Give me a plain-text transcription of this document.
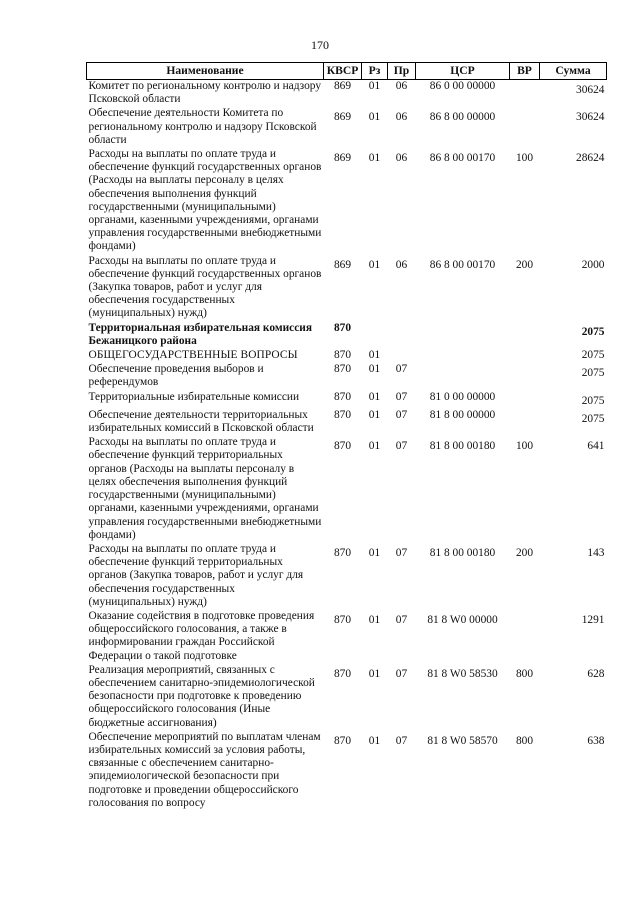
170
Наименование	КВСР	Рз	Пр	ЦСР	ВР	Сумма
Комитет по региональному контролю и надзору Псковской области	869	01	06	86 0 00 00000		30624
Обеспечение деятельности Комитета по региональному контролю и надзору Псковской области	869	01	06	86 8 00 00000		30624
Расходы на выплаты по оплате труда и обеспечение функций государственных органов (Расходы на выплаты персоналу в целях обеспечения выполнения функций государственными (муниципальными) органами, казенными учреждениями, органами управления государственными внебюджетными фондами)	869	01	06	86 8 00 00170	100	28624
Расходы на выплаты по оплате труда и обеспечение функций государственных органов (Закупка товаров, работ и услуг для обеспечения государственных (муниципальных) нужд)	869	01	06	86 8 00 00170	200	2000
Территориальная избирательная комиссия Бежаницкого района	870					2075
ОБЩЕГОСУДАРСТВЕННЫЕ ВОПРОСЫ	870	01				2075
Обеспечение проведения выборов и референдумов	870	01	07			2075
Территориальные избирательные комиссии	870	01	07	81 0 00 00000		2075
Обеспечение деятельности территориальных избирательных комиссий в Псковской области	870	01	07	81 8 00 00000		2075
Расходы на выплаты по оплате труда и обеспечение функций территориальных органов (Расходы на выплаты персоналу в целях обеспечения выполнения функций государственными (муниципальными) органами, казенными учреждениями, органами управления государственными внебюджетными фондами)	870	01	07	81 8 00 00180	100	641
Расходы на выплаты по оплате труда и обеспечение функций территориальных органов (Закупка товаров, работ и услуг для обеспечения государственных (муниципальных) нужд)	870	01	07	81 8 00 00180	200	143
Оказание содействия в подготовке проведения общероссийского голосования, а также в информировании граждан Российской Федерации о такой подготовке	870	01	07	81 8 W0 00000		1291
Реализация мероприятий, связанных с обеспечением санитарно-эпидемиологической безопасности при подготовке к проведению общероссийского голосования (Иные бюджетные ассигнования)	870	01	07	81 8 W0 58530	800	628
Обеспечение мероприятий по выплатам членам избирательных комиссий за условия работы, связанные с обеспечением санитарно-эпидемиологической безопасности при подготовке и проведении общероссийского голосования по вопросу	870	01	07	81 8 W0 58570	800	638
